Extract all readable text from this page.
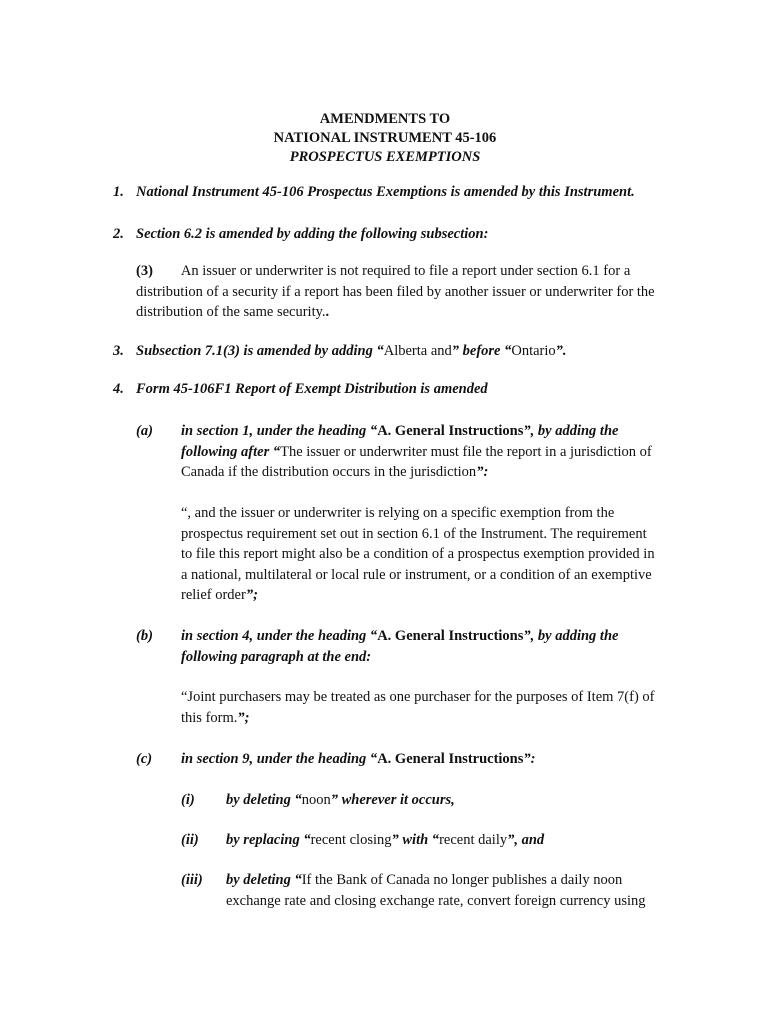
AMENDMENTS TO
NATIONAL INSTRUMENT 45-106
PROSPECTUS EXEMPTIONS
1. National Instrument 45-106 Prospectus Exemptions is amended by this Instrument.
2. Section 6.2 is amended by adding the following subsection:
(3) An issuer or underwriter is not required to file a report under section 6.1 for a
distribution of a security if a report has been filed by another issuer or underwriter for the
distribution of the same security..
3. Subsection 7.1(3) is amended by adding “Alberta and” before “Ontario”.
4. Form 45-106F1 Report of Exempt Distribution is amended
(a) in section 1, under the heading “A. General Instructions”, by adding the
following after “The issuer or underwriter must file the report in a jurisdiction of
Canada if the distribution occurs in the jurisdiction”:
“, and the issuer or underwriter is relying on a specific exemption from the
prospectus requirement set out in section 6.1 of the Instrument. The requirement
to file this report might also be a condition of a prospectus exemption provided in
a national, multilateral or local rule or instrument, or a condition of an exemptive
relief order”;
(b) in section 4, under the heading “A. General Instructions”, by adding the
following paragraph at the end:
“Joint purchasers may be treated as one purchaser for the purposes of Item 7(f) of
this form.”;
(c) in section 9, under the heading “A. General Instructions”:
(i) by deleting “noon” wherever it occurs,
(ii) by replacing “recent closing” with “recent daily”, and
(iii) by deleting “If the Bank of Canada no longer publishes a daily noon
exchange rate and closing exchange rate, convert foreign currency using
